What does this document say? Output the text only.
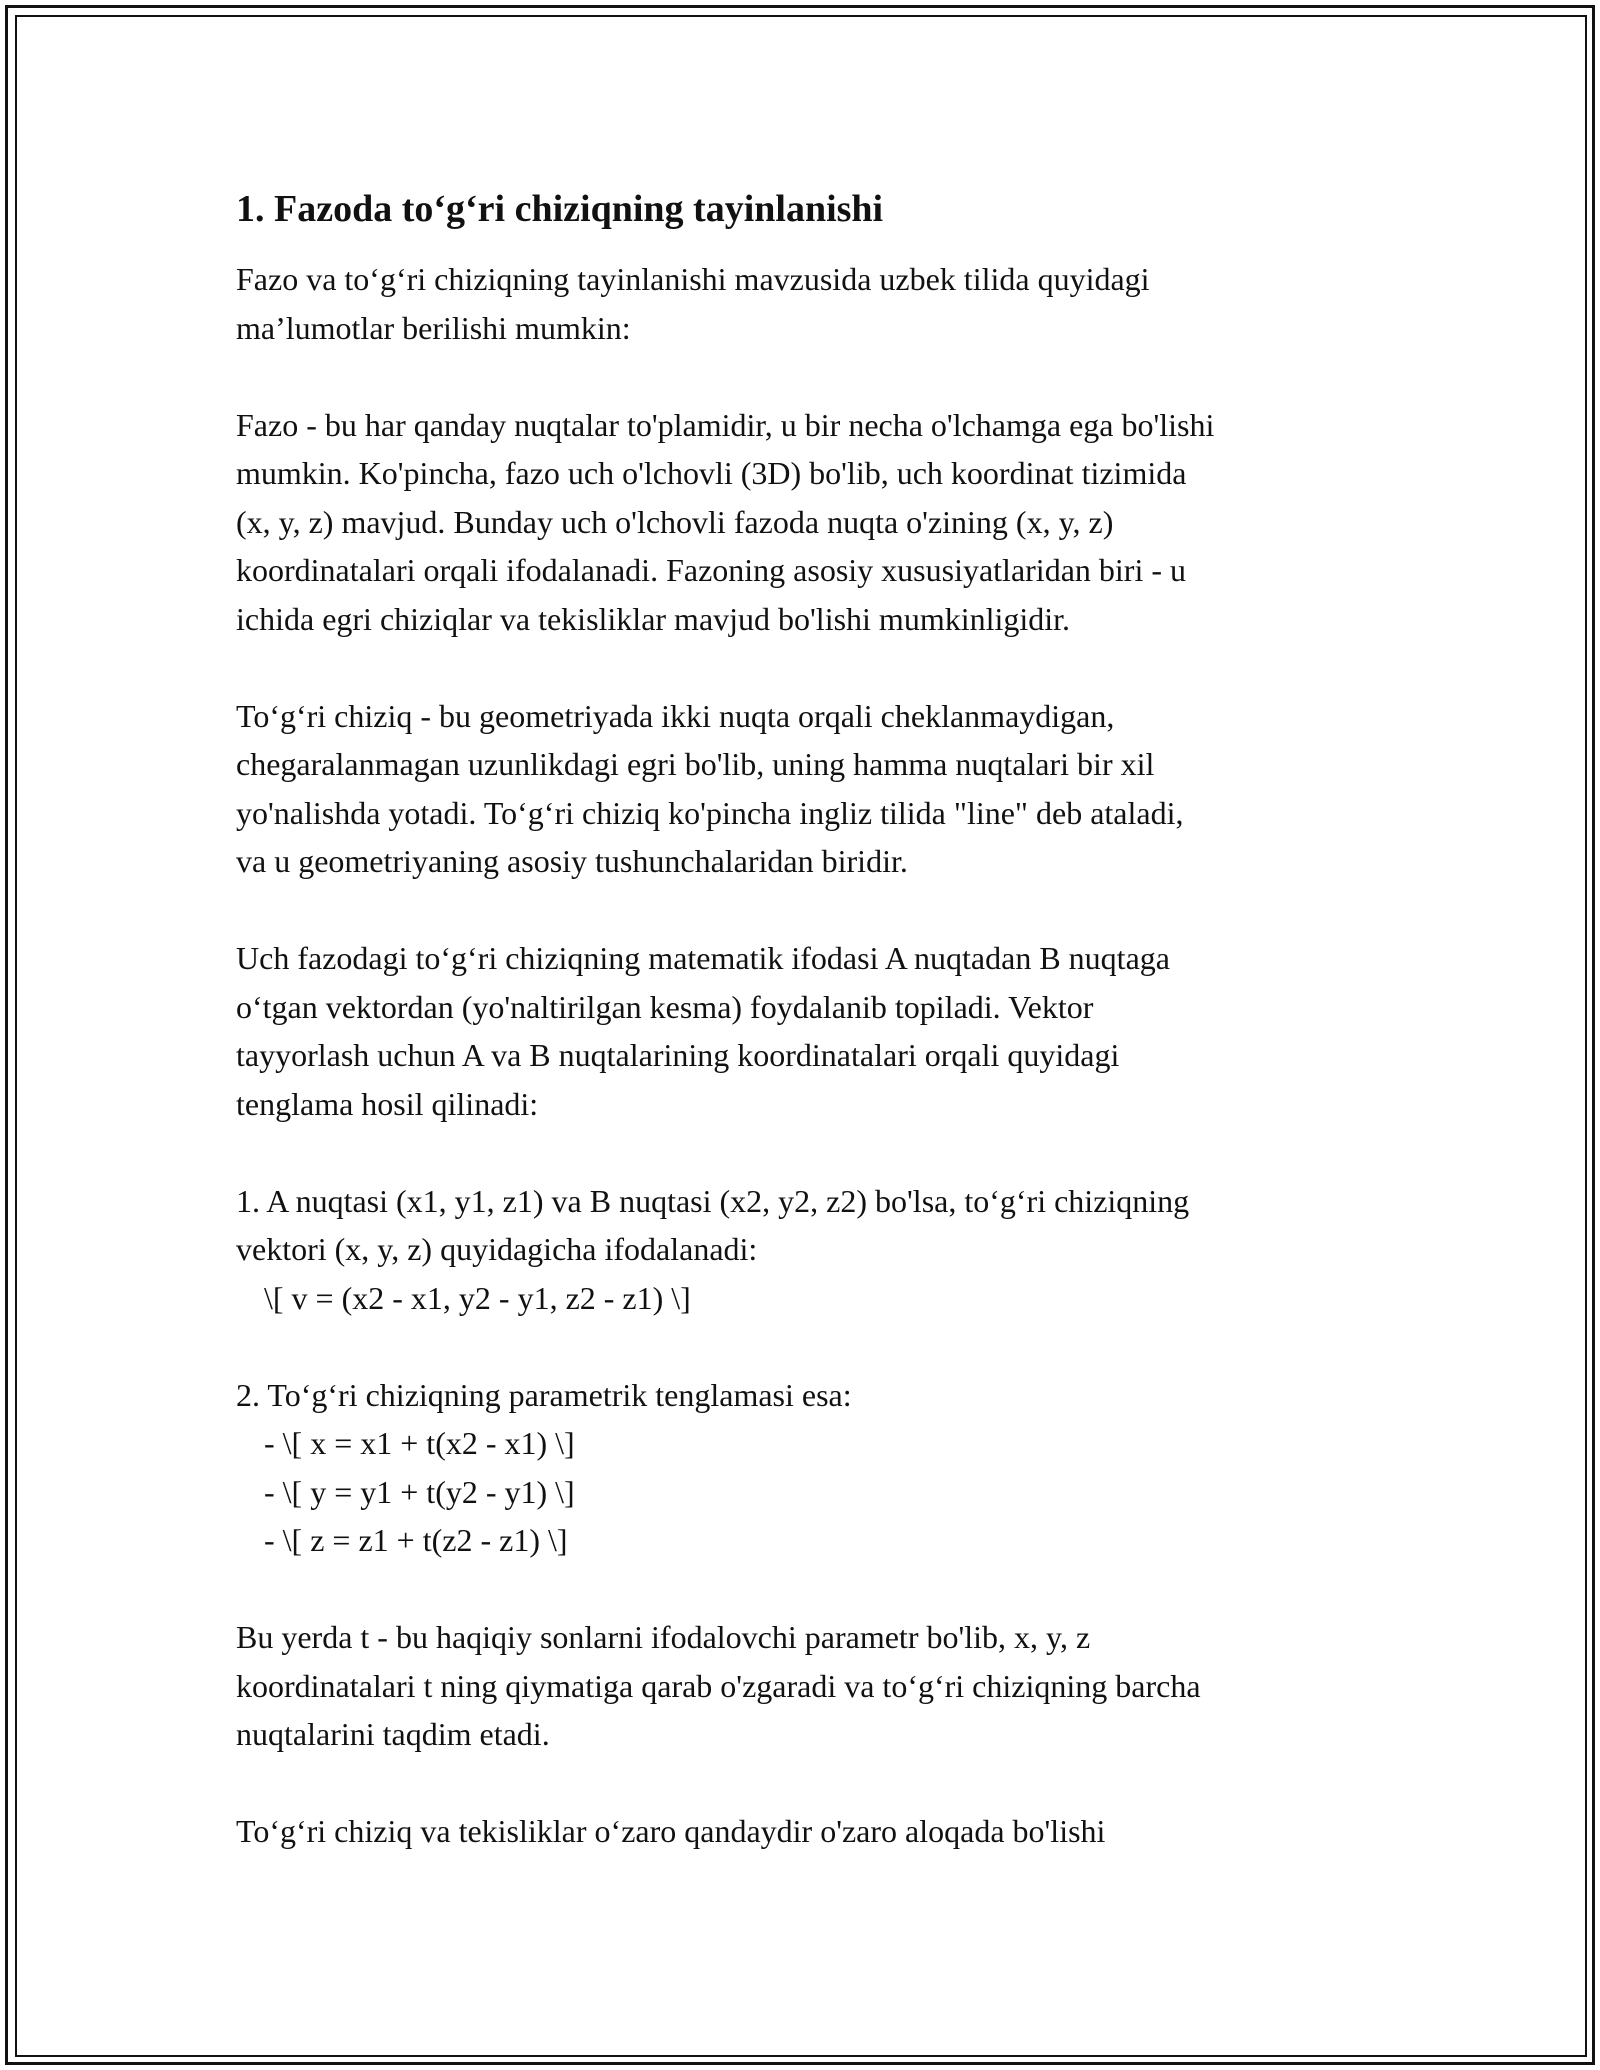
1. Fazoda to‘g‘ri chiziqning tayinlanishi
Fazo va to‘g‘ri chiziqning tayinlanishi mavzusida uzbek tilida quyidagi
ma’lumotlar berilishi mumkin:
Fazo - bu har qanday nuqtalar to'plamidir, u bir necha o'lchamga ega bo'lishi
mumkin. Ko'pincha, fazo uch o'lchovli (3D) bo'lib, uch koordinat tizimida
(x, y, z) mavjud. Bunday uch o'lchovli fazoda nuqta o'zining (x, y, z)
koordinatalari orqali ifodalanadi. Fazoning asosiy xususiyatlaridan biri - u
ichida egri chiziqlar va tekisliklar mavjud bo'lishi mumkinligidir.
To‘g‘ri chiziq - bu geometriyada ikki nuqta orqali cheklanmaydigan,
chegaralanmagan uzunlikdagi egri bo'lib, uning hamma nuqtalari bir xil
yo'nalishda yotadi. To‘g‘ri chiziq ko'pincha ingliz tilida "line" deb ataladi,
va u geometriyaning asosiy tushunchalaridan biridir.
Uch fazodagi to‘g‘ri chiziqning matematik ifodasi A nuqtadan B nuqtaga
o‘tgan vektordan (yo'naltirilgan kesma) foydalanib topiladi. Vektor
tayyorlash uchun A va B nuqtalarining koordinatalari orqali quyidagi
tenglama hosil qilinadi:
1. A nuqtasi (x1, y1, z1) va B nuqtasi (x2, y2, z2) bo'lsa, to‘g‘ri chiziqning
vektori (x, y, z) quyidagicha ifodalanadi:
\[ v = (x2 - x1, y2 - y1, z2 - z1) \]
2. To‘g‘ri chiziqning parametrik tenglamasi esa:
- \[ x = x1 + t(x2 - x1) \]
- \[ y = y1 + t(y2 - y1) \]
- \[ z = z1 + t(z2 - z1) \]
Bu yerda t - bu haqiqiy sonlarni ifodalovchi parametr bo'lib, x, y, z
koordinatalari t ning qiymatiga qarab o'zgaradi va to‘g‘ri chiziqning barcha
nuqtalarini taqdim etadi.
To‘g‘ri chiziq va tekisliklar o‘zaro qandaydir o'zaro aloqada bo'lishi
